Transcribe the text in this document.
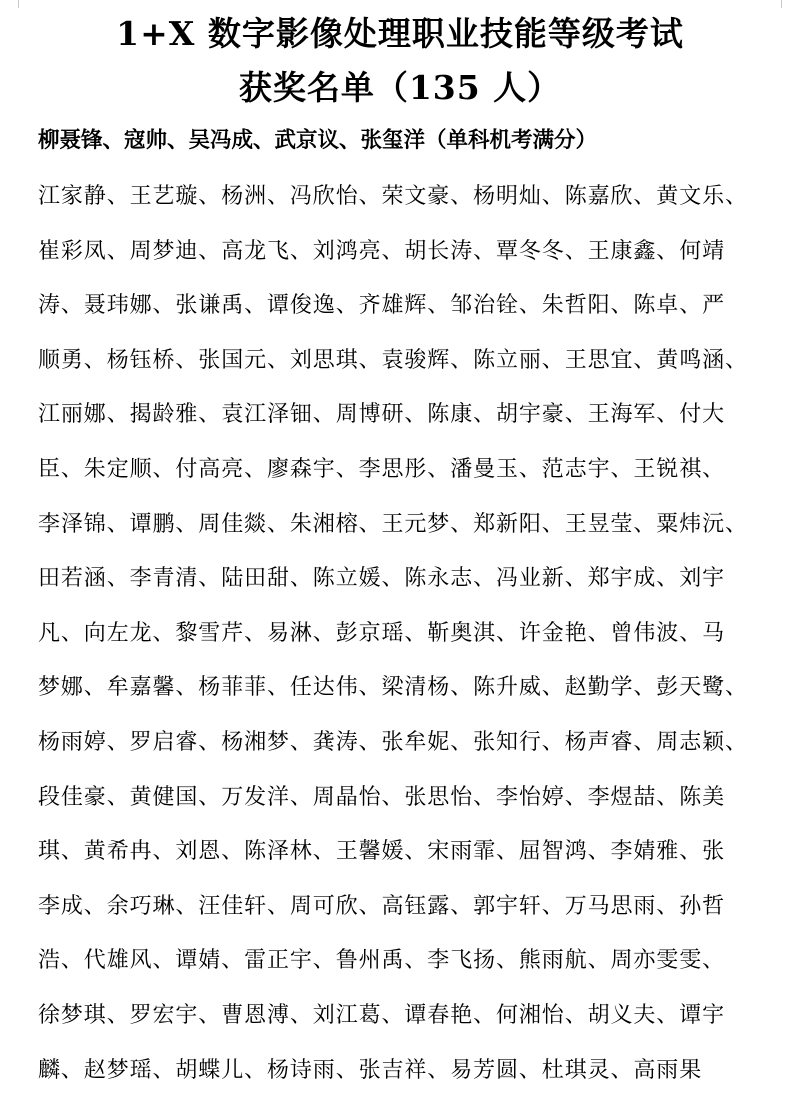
1+X 数字影像处理职业技能等级考试
获奖名单（135 人）
柳聂锋、寇帅、吴冯成、武京议、张玺洋（单科机考满分）
江家静、王艺璇、杨洲、冯欣怡、荣文豪、杨明灿、陈嘉欣、黄文乐、
崔彩凤、周梦迪、高龙飞、刘鸿亮、胡长涛、覃冬冬、王康鑫、何靖
涛、聂玮娜、张谦禹、谭俊逸、齐雄辉、邹治铨、朱哲阳、陈卓、严
顺勇、杨钰桥、张国元、刘思琪、袁骏辉、陈立丽、王思宜、黄鸣涵、
江丽娜、揭龄雅、袁江泽钿、周博研、陈康、胡宇豪、王海军、付大
臣、朱定顺、付高亮、廖森宇、李思彤、潘曼玉、范志宇、王锐祺、
李泽锦、谭鹏、周佳燚、朱湘榕、王元梦、郑新阳、王昱莹、粟炜沅、
田若涵、李青清、陆田甜、陈立媛、陈永志、冯业新、郑宇成、刘宇
凡、向左龙、黎雪芹、易淋、彭京瑶、靳奥淇、许金艳、曾伟波、马
梦娜、牟嘉馨、杨菲菲、任达伟、梁清杨、陈升威、赵勤学、彭天鹭、
杨雨婷、罗启睿、杨湘梦、龚涛、张牟妮、张知行、杨声睿、周志颖、
段佳豪、黄健国、万发洋、周晶怡、张思怡、李怡婷、李煜喆、陈美
琪、黄希冉、刘恩、陈泽林、王馨媛、宋雨霏、屈智鸿、李婧雅、张
李成、余巧琳、汪佳轩、周可欣、高钰露、郭宇轩、万马思雨、孙哲
浩、代雄风、谭婧、雷正宇、鲁州禹、李飞扬、熊雨航、周亦雯雯、
徐梦琪、罗宏宇、曹恩溥、刘江葛、谭春艳、何湘怡、胡义夫、谭宇
麟、赵梦瑶、胡蝶儿、杨诗雨、张吉祥、易芳圆、杜琪灵、高雨果
